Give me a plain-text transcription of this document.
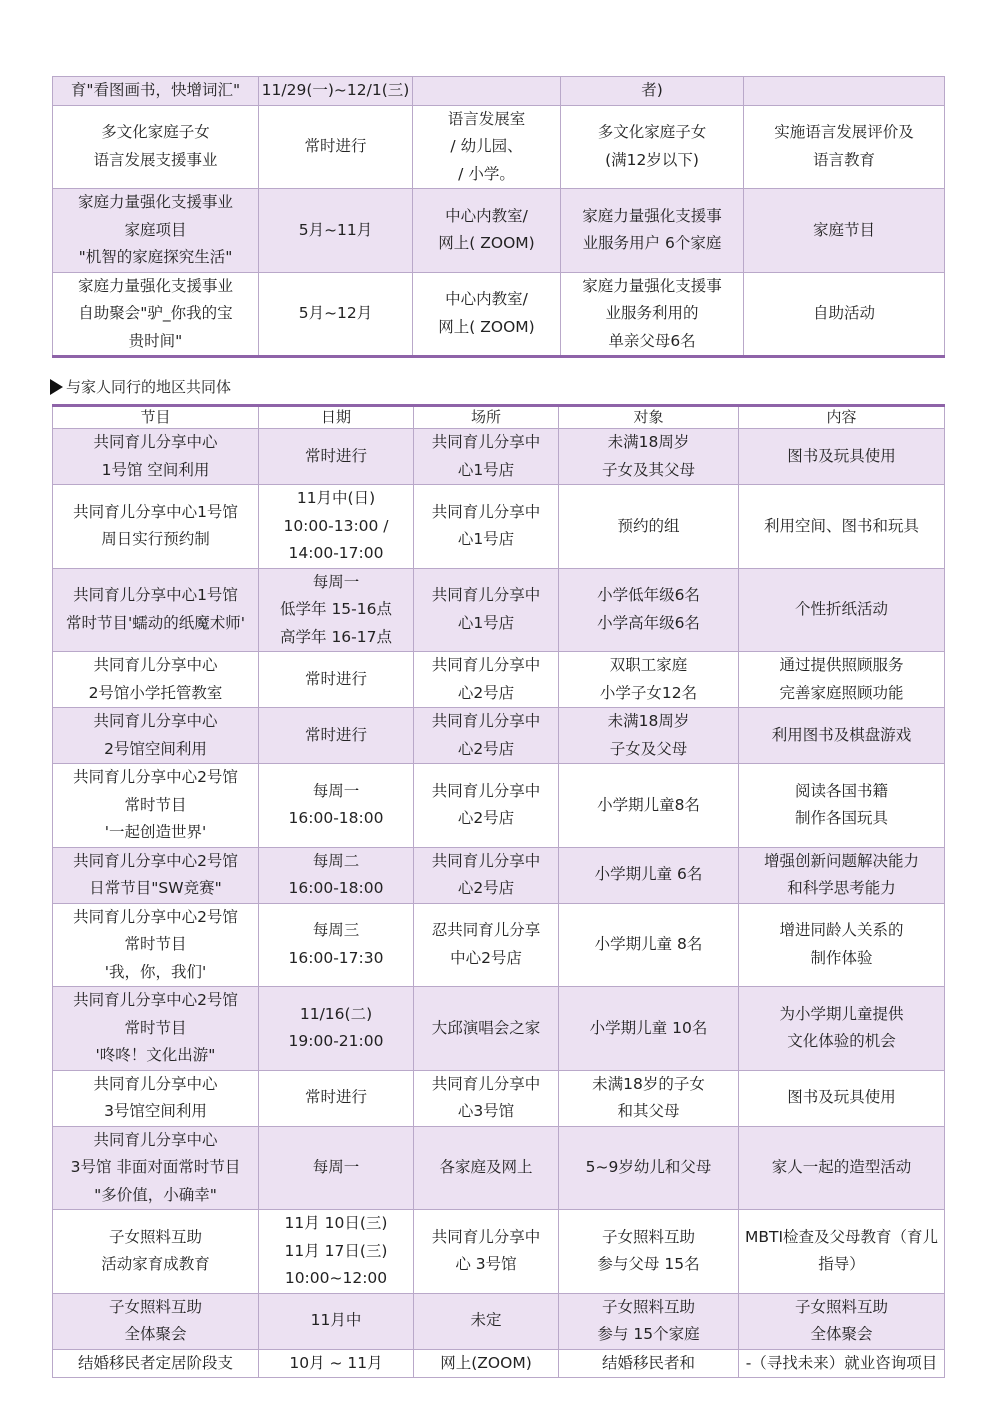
育"看图画书，快增词汇"	11/29(一)~12/1(三)		者)	

多文化家庭子女
语言发展支援事业	常时进行	语言发展室
/ 幼儿园、
/ 小学。	多文化家庭子女
(满12岁以下)	实施语言发展评价及
语言教育

家庭力量强化支援事业
家庭项目
"机智的家庭探究生活"	5月~11月	中心内教室/
网上( ZOOM)	家庭力量强化支援事
业服务用户 6个家庭	家庭节目

家庭力量强化支援事业
自助聚会"驴_你我的宝
贵时间"	5月~12月	中心内教室/
网上( ZOOM)	家庭力量强化支援事
业服务利用的
单亲父母6名	自助活动
与家人同行的地区共同体
节目	日期	场所	对象	内容

共同育儿分享中心
1号馆 空间利用	常时进行	共同育儿分享中
心1号店	未满18周岁
子女及其父母	图书及玩具使用

共同育儿分享中心1号馆
周日实行预约制	11月中(日)
10:00-13:00 /
14:00-17:00	共同育儿分享中
心1号店	预约的组	利用空间、图书和玩具

共同育儿分享中心1号馆
常时节目'蠕动的纸魔术师'	每周一
低学年 15-16点
高学年 16-17点	共同育儿分享中
心1号店	小学低年级6名
小学高年级6名	个性折纸活动

共同育儿分享中心
2号馆小学托管教室	常时进行	共同育儿分享中
心2号店	双职工家庭
小学子女12名	通过提供照顾服务
完善家庭照顾功能

共同育儿分享中心
2号馆空间利用	常时进行	共同育儿分享中
心2号店	未满18周岁
子女及父母	利用图书及棋盘游戏

共同育儿分享中心2号馆
常时节目
'一起创造世界'	每周一
16:00-18:00	共同育儿分享中
心2号店	小学期儿童8名	阅读各国书籍
制作各国玩具

共同育儿分享中心2号馆
日常节目"SW竞赛"	每周二
16:00-18:00	共同育儿分享中
心2号店	小学期儿童 6名	增强创新问题解决能力
和科学思考能力

共同育儿分享中心2号馆
常时节目
'我，你，我们'	每周三
16:00-17:30	忍共同育儿分享
中心2号店	小学期儿童 8名	增进同龄人关系的
制作体验

共同育儿分享中心2号馆
常时节目
'咚咚！文化出游"	11/16(二)
19:00-21:00	大邱演唱会之家	小学期儿童 10名	为小学期儿童提供
文化体验的机会

共同育儿分享中心
3号馆空间利用	常时进行	共同育儿分享中
心3号馆	未满18岁的子女
和其父母	图书及玩具使用

共同育儿分享中心
3号馆 非面对面常时节目
"多价值，小确幸"	每周一	各家庭及网上	5~9岁幼儿和父母	家人一起的造型活动

子女照料互助
活动家育成教育	11月 10日(三)
11月 17日(三)
10:00~12:00	共同育儿分享中
心 3号馆	子女照料互助
参与父母 15名	MBTI检查及父母教育（育儿
指导）

子女照料互助
全体聚会	11月中	未定	子女照料互助
参与 15个家庭	子女照料互助
全体聚会

结婚移民者定居阶段支	10月 ~ 11月	网上(ZOOM)	结婚移民者和	-（寻找未来）就业咨询项目
